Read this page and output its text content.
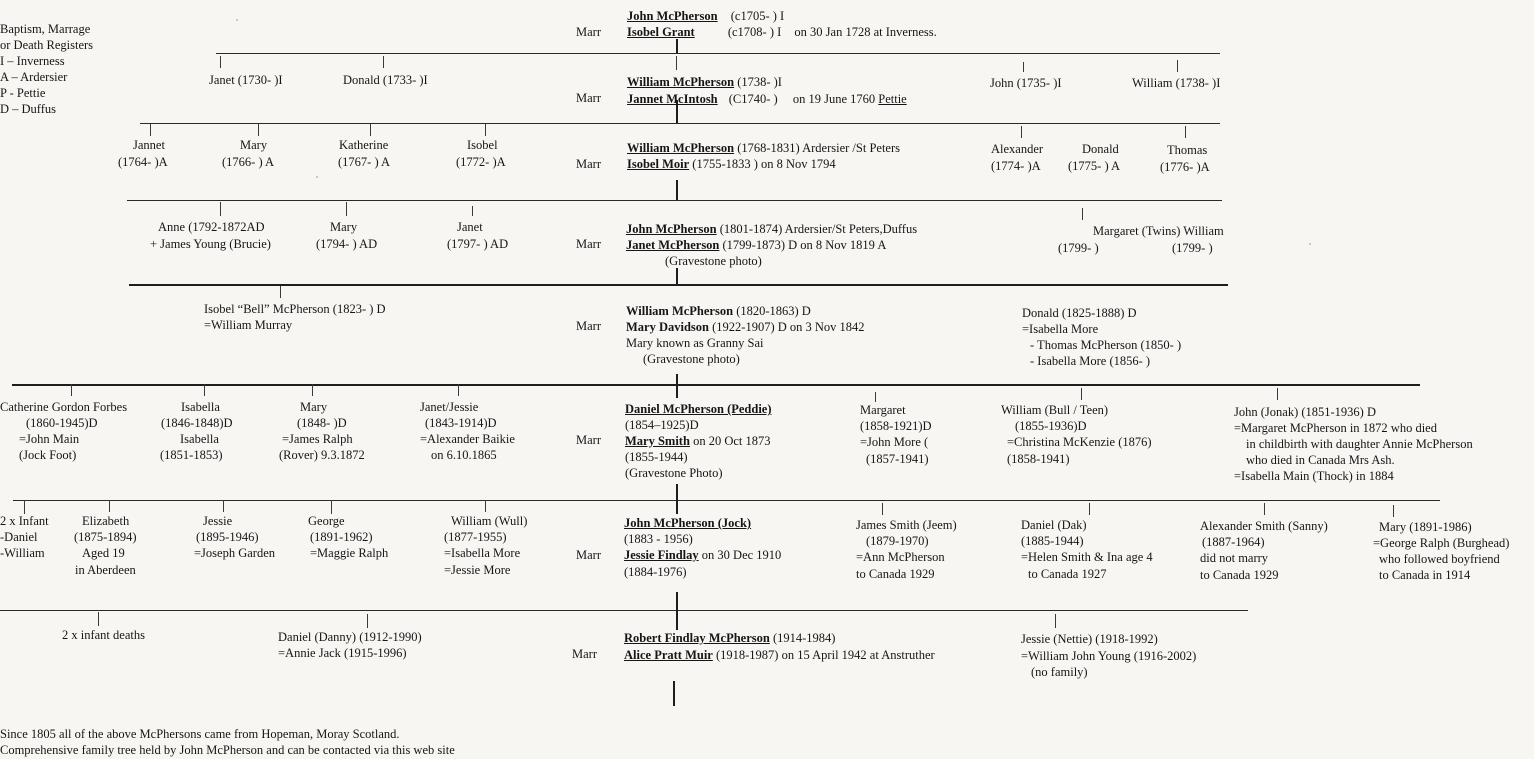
Baptism, Marrage
or Death Registers
I – Inverness
A – Ardersier
P - Pettie
D – Duffus
Marr
John McPherson (c1705- ) I
Isobel Grant	(c1708- ) I on 30 Jan 1728 at Inverness.
Janet (1730- )I	Donald (1733- )I
Marr
William McPherson (1738- )I
Jannet McIntosh (C1740- ) on 19 June 1760 Pettie
John (1735- )I	William (1738- )I
Jannet
(1764- )A
Mary
(1766- ) A
Katherine
(1767- ) A
Isobel
(1772- )A	Marr
William McPherson (1768-1831) Ardersier /St Peters
Isobel Moir (1755-1833 ) on 8 Nov 1794
Alexander
(1774- )A
Donald
(1775- ) A
Thomas
(1776- )A
Anne (1792-1872AD
+ James Young (Brucie)
Mary
(1794- ) AD
Janet
(1797- ) AD	Marr
John McPherson (1801-1874) Ardersier/St Peters,Duffus
Janet McPherson (1799-1873) D on 8 Nov 1819 A
(Gravestone photo)
Margaret (Twins) William
(1799- )	(1799- )
Isobel “Bell” McPherson (1823- ) D
=William Murray	Marr
William McPherson (1820-1863) D
Mary Davidson (1922-1907) D on 3 Nov 1842
Mary known as Granny Sai
(Gravestone photo)
Donald (1825-1888) D
=Isabella More
- Thomas McPherson (1850- )
- Isabella More (1856- )
Catherine Gordon Forbes
(1860-1945)D
=John Main
(Jock Foot)
Isabella
(1846-1848)D
Isabella
(1851-1853)
Mary
(1848- )D
=James Ralph
(Rover) 9.3.1872
Janet/Jessie
(1843-1914)D
=Alexander Baikie
on 6.10.1865
Marr
Daniel McPherson (Peddie)
(1854–1925)D
Mary Smith on 20 Oct 1873
(1855-1944)
(Gravestone Photo)
Margaret
(1858-1921)D
=John More (
(1857-1941)
William (Bull / Teen)
(1855-1936)D
=Christina McKenzie (1876)
(1858-1941)
John (Jonak) (1851-1936) D
=Margaret McPherson in 1872 who died
in childbirth with daughter Annie McPherson
who died in Canada Mrs Ash.
=Isabella Main (Thock) in 1884
2 x Infant
-Daniel
-William
Elizabeth
(1875-1894)
Aged 19
in Aberdeen
Jessie
(1895-1946)
=Joseph Garden
George
(1891-1962)
=Maggie Ralph
William (Wull)
(1877-1955)
=Isabella More
=Jessie More
Marr
John McPherson (Jock)
(1883 - 1956)
Jessie Findlay on 30 Dec 1910
(1884-1976)
James Smith (Jeem)
(1879-1970)
=Ann McPherson
to Canada 1929
Daniel (Dak)
(1885-1944)
=Helen Smith & Ina age 4
to Canada 1927
Alexander Smith (Sanny)
(1887-1964)
did not marry
to Canada 1929
Mary (1891-1986)
=George Ralph (Burghead)
who followed boyfriend
to Canada in 1914
2 x infant deaths	Daniel (Danny) (1912-1990)
=Annie Jack (1915-1996)	Marr
Robert Findlay McPherson (1914-1984)
Alice Pratt Muir (1918-1987) on 15 April 1942 at Anstruther
Jessie (Nettie) (1918-1992)
=William John Young (1916-2002)
(no family)
Since 1805 all of the above McPhersons came from Hopeman, Moray Scotland.
Comprehensive family tree held by John McPherson and can be contacted via this web site
